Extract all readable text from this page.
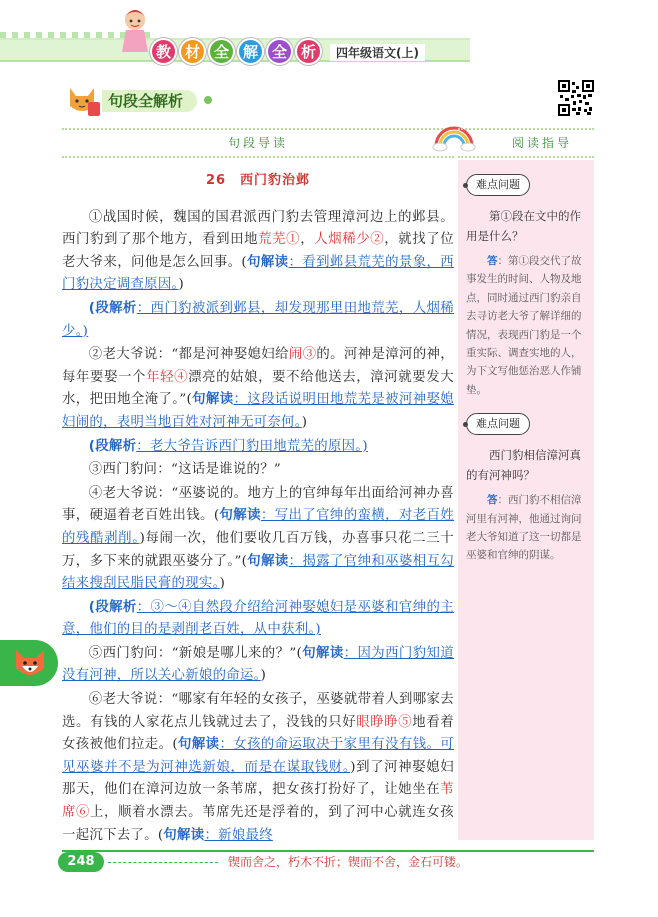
教 材 全 解 全 析	四年级语文(上)
句段全解析
句段导读	阅读指导
26　西门豹治邺
①战国时候，魏国的国君派西门豹去管理漳河边上的邺县。西门豹到了那个地方，看到田地荒芜①，人烟稀少②，就找了位老大爷来，问他是怎么回事。(句解读：看到邺县荒芜的景象，西门豹决定调查原因。)
(段解析：西门豹被派到邺县，却发现那里田地荒芜，人烟稀少。)
②老大爷说：“都是河神娶媳妇给闹③的。河神是漳河的神，每年要娶一个年轻④漂亮的姑娘，要不给他送去，漳河就要发大水，把田地全淹了。”(句解读：这段话说明田地荒芜是被河神娶媳妇闹的，表明当地百姓对河神无可奈何。)
(段解析：老大爷告诉西门豹田地荒芜的原因。)
③西门豹问：“这话是谁说的？”
④老大爷说：“巫婆说的。地方上的官绅每年出面给河神办喜事，硬逼着老百姓出钱。(句解读：写出了官绅的蛮横，对老百姓的残酷剥削。)每闹一次，他们要收几百万钱，办喜事只花二三十万，多下来的就跟巫婆分了。”(句解读：揭露了官绅和巫婆相互勾结来搜刮民脂民膏的现实。)
(段解析：③～④自然段介绍给河神娶媳妇是巫婆和官绅的主意，他们的目的是剥削老百姓，从中获利。)
⑤西门豹问：“新娘是哪儿来的？”(句解读：因为西门豹知道没有河神，所以关心新娘的命运。)
⑥老大爷说：“哪家有年轻的女孩子，巫婆就带着人到哪家去选。有钱的人家花点儿钱就过去了，没钱的只好眼睁睁⑤地看着女孩被他们拉走。(句解读：女孩的命运取决于家里有没有钱。可见巫婆并不是为河神选新娘，而是在谋取钱财。)到了河神娶媳妇那天，他们在漳河边放一条苇席，把女孩打扮好了，让她坐在苇席⑥上，顺着水漂去。苇席先还是浮着的，到了河中心就连女孩一起沉下去了。(句解读：新娘最终
难点问题
第①段在文中的作用是什么？
答：第①段交代了故事发生的时间、人物及地点，同时通过西门豹亲自去寻访老大爷了解详细的情况，表现西门豹是一个重实际、调查实地的人，为下文写他惩治恶人作铺垫。
难点问题
西门豹相信漳河真的有河神吗？
答：西门豹不相信漳河里有河神，他通过询问老大爷知道了这一切都是巫婆和官绅的阴谋。
248	锲而舍之，朽木不折；锲而不舍，金石可镂。
